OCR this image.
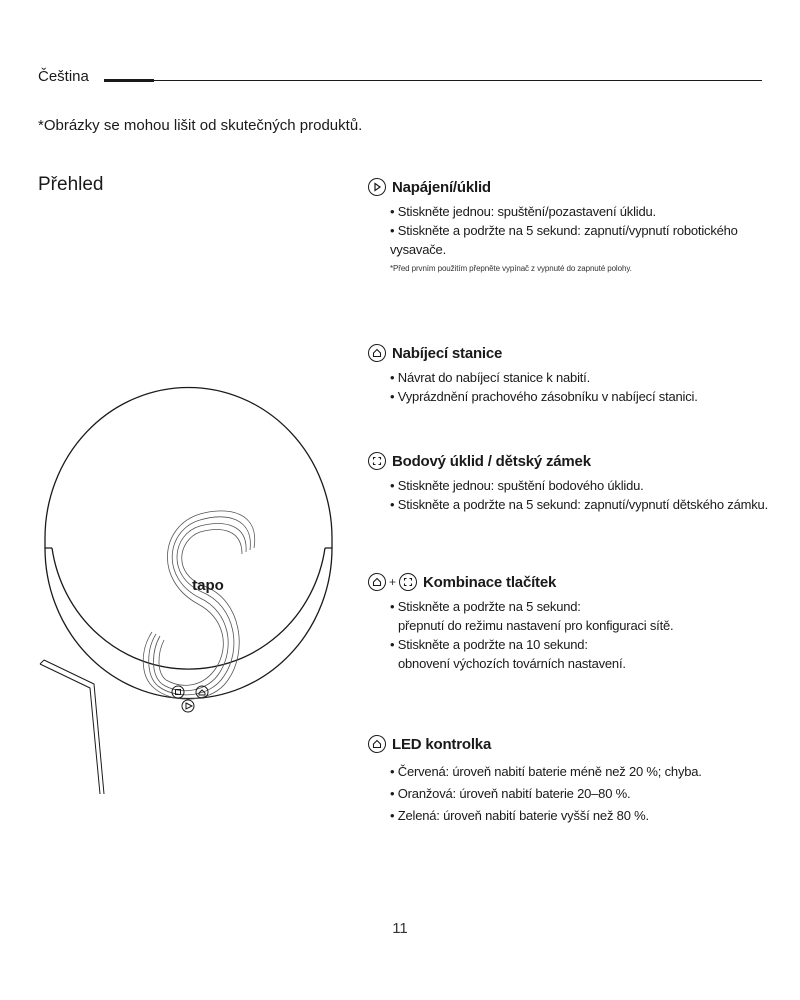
Čeština
*Obrázky se mohou lišit od skutečných produktů.
Přehled
tapo
Napájení/úklid
• Stiskněte jednou: spuštění/pozastavení úklidu.
• Stiskněte a podržte na 5 sekund: zapnutí/vypnutí robotického
vysavače.
*Před prvním použitím přepněte vypínač z vypnuté do zapnuté polohy.
Nabíjecí stanice
• Návrat do nabíjecí stanice k nabití.
• Vyprázdnění prachového zásobníku v nabíjecí stanici.
Bodový úklid / dětský zámek
• Stiskněte jednou: spuštění bodového úklidu.
• Stiskněte a podržte na 5 sekund: zapnutí/vypnutí dětského zámku.
+ Kombinace tlačítek
• Stiskněte a podržte na 5 sekund:
přepnutí do režimu nastavení pro konfiguraci sítě.
• Stiskněte a podržte na 10 sekund:
obnovení výchozích továrních nastavení.
LED kontrolka
• Červená: úroveň nabití baterie méně než 20 %; chyba.
• Oranžová: úroveň nabití baterie 20–80 %.
• Zelená: úroveň nabití baterie vyšší než 80 %.
11
